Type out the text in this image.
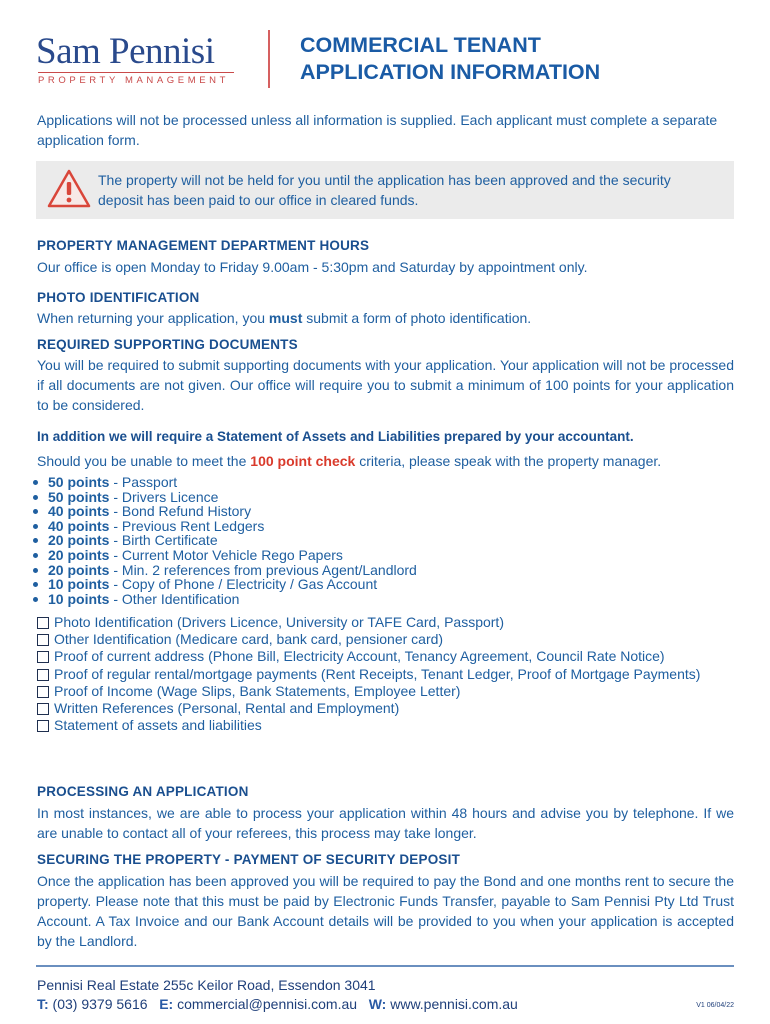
Sam Pennisi
PROPERTY MANAGEMENT
COMMERCIAL TENANT
APPLICATION INFORMATION
Applications will not be processed unless all information is supplied. Each applicant must complete a separate application form.
The property will not be held for you until the application has been approved and the security deposit has been paid to our office in cleared funds.
PROPERTY MANAGEMENT DEPARTMENT HOURS
Our office is open Monday to Friday 9.00am - 5:30pm and Saturday by appointment only.
PHOTO IDENTIFICATION
When returning your application, you must submit a form of photo identification.
REQUIRED SUPPORTING DOCUMENTS
You will be required to submit supporting documents with your application. Your application will not be processed if all documents are not given. Our office will require you to submit a minimum of 100 points for your application to be considered.
In addition we will require a Statement of Assets and Liabilities prepared by your accountant.
Should you be unable to meet the 100 point check criteria, please speak with the property manager.
50 points - Passport
50 points - Drivers Licence
40 points - Bond Refund History
40 points - Previous Rent Ledgers
20 points - Birth Certificate
20 points - Current Motor Vehicle Rego Papers
20 points - Min. 2 references from previous Agent/Landlord
10 points - Copy of Phone / Electricity / Gas Account
10 points - Other Identification
Photo Identification (Drivers Licence, University or TAFE Card, Passport)
Other Identification (Medicare card, bank card, pensioner card)
Proof of current address (Phone Bill, Electricity Account, Tenancy Agreement, Council Rate Notice)
Proof of regular rental/mortgage payments (Rent Receipts, Tenant Ledger, Proof of Mortgage Payments)
Proof of Income (Wage Slips, Bank Statements, Employee Letter)
Written References (Personal, Rental and Employment)
Statement of assets and liabilities
PROCESSING AN APPLICATION
In most instances, we are able to process your application within 48 hours and advise you by telephone. If we are unable to contact all of your referees, this process may take longer.
SECURING THE PROPERTY - PAYMENT OF SECURITY DEPOSIT
Once the application has been approved you will be required to pay the Bond and one months rent to secure the property. Please note that this must be paid by Electronic Funds Transfer, payable to Sam Pennisi Pty Ltd Trust Account. A Tax Invoice and our Bank Account details will be provided to you when your application is accepted by the Landlord.
Pennisi Real Estate 255c Keilor Road, Essendon 3041
T: (03) 9379 5616 E: commercial@pennisi.com.au W: www.pennisi.com.au	V1 06/04/22
